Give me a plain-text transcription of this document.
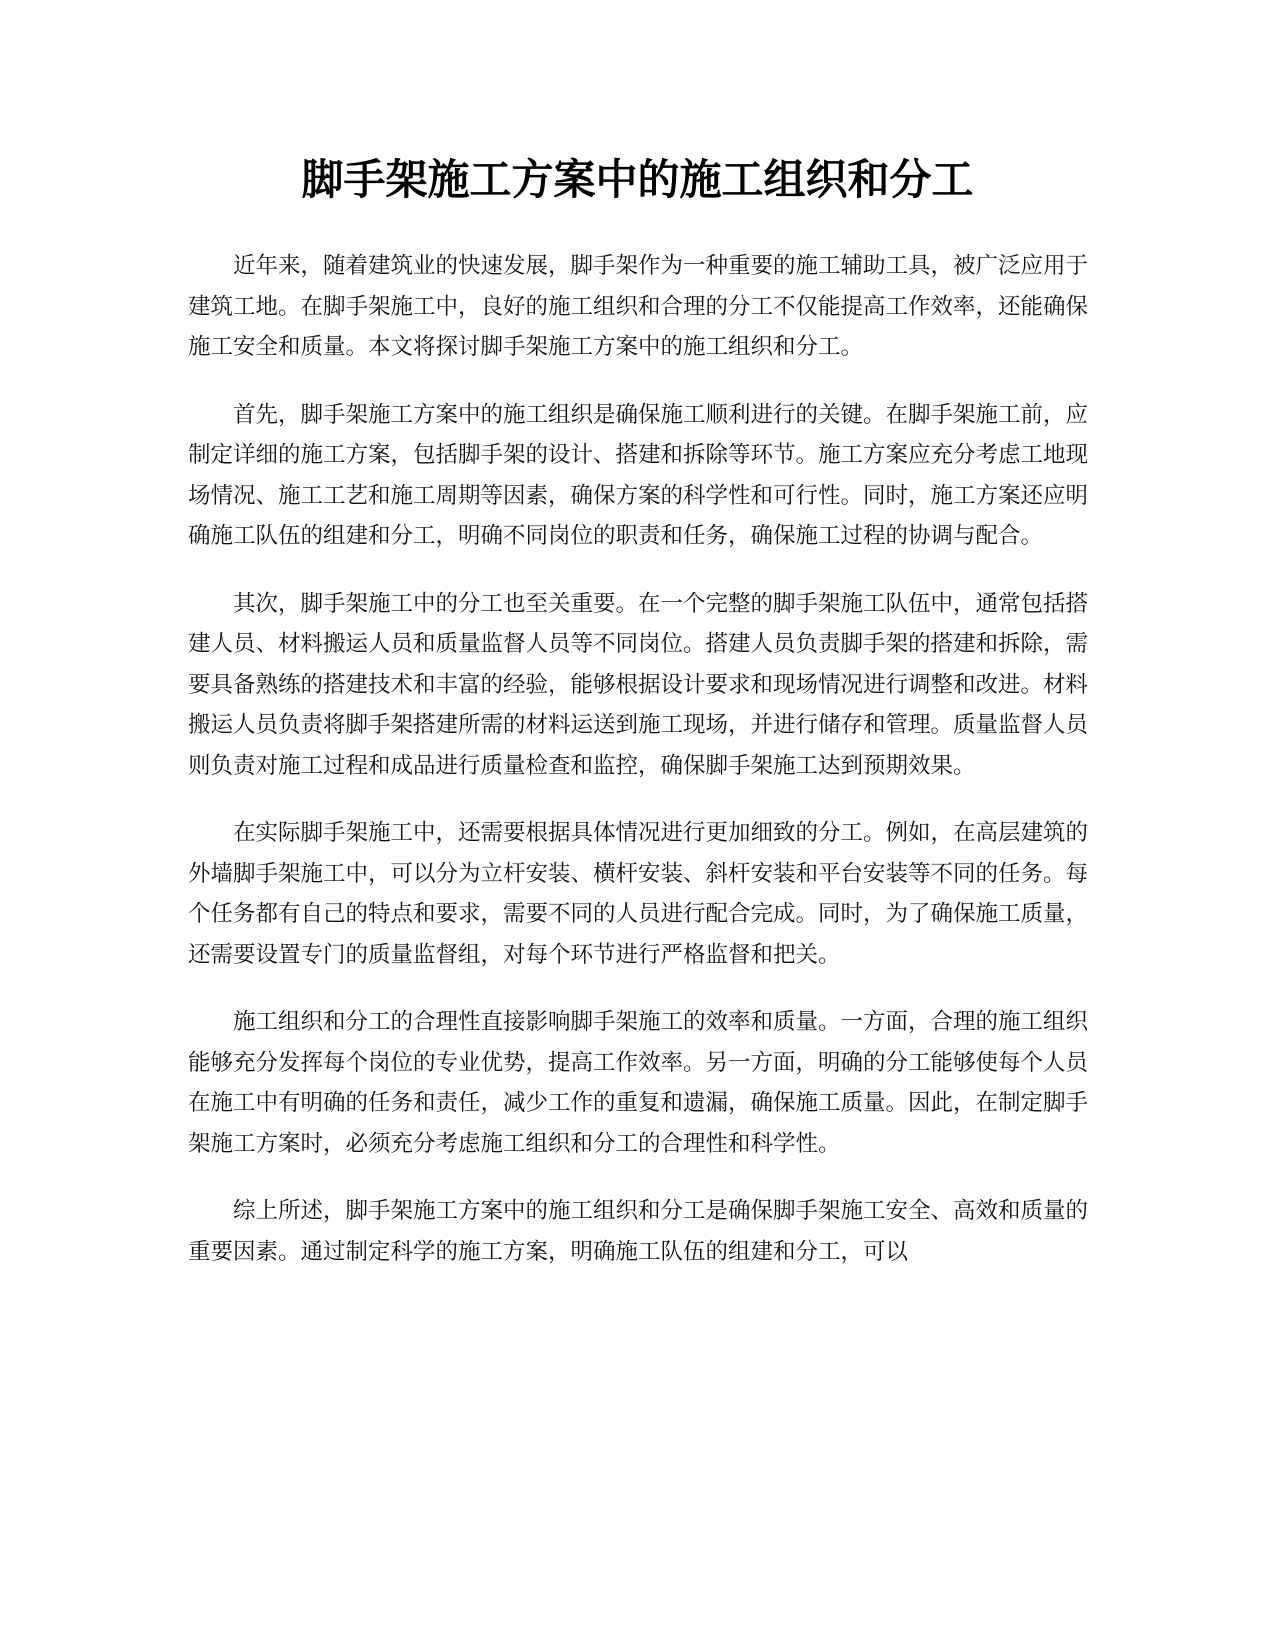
脚手架施工方案中的施工组织和分工

近年来，随着建筑业的快速发展，脚手架作为一种重要的施工辅助工具，被广泛应用于建筑工地。在脚手架施工中，良好的施工组织和合理的分工不仅能提高工作效率，还能确保施工安全和质量。本文将探讨脚手架施工方案中的施工组织和分工。

首先，脚手架施工方案中的施工组织是确保施工顺利进行的关键。在脚手架施工前，应制定详细的施工方案，包括脚手架的设计、搭建和拆除等环节。施工方案应充分考虑工地现场情况、施工工艺和施工周期等因素，确保方案的科学性和可行性。同时，施工方案还应明确施工队伍的组建和分工，明确不同岗位的职责和任务，确保施工过程的协调与配合。

其次，脚手架施工中的分工也至关重要。在一个完整的脚手架施工队伍中，通常包括搭建人员、材料搬运人员和质量监督人员等不同岗位。搭建人员负责脚手架的搭建和拆除，需要具备熟练的搭建技术和丰富的经验，能够根据设计要求和现场情况进行调整和改进。材料搬运人员负责将脚手架搭建所需的材料运送到施工现场，并进行储存和管理。质量监督人员则负责对施工过程和成品进行质量检查和监控，确保脚手架施工达到预期效果。

在实际脚手架施工中，还需要根据具体情况进行更加细致的分工。例如，在高层建筑的外墙脚手架施工中，可以分为立杆安装、横杆安装、斜杆安装和平台安装等不同的任务。每个任务都有自己的特点和要求，需要不同的人员进行配合完成。同时，为了确保施工质量，还需要设置专门的质量监督组，对每个环节进行严格监督和把关。

施工组织和分工的合理性直接影响脚手架施工的效率和质量。一方面，合理的施工组织能够充分发挥每个岗位的专业优势，提高工作效率。另一方面，明确的分工能够使每个人员在施工中有明确的任务和责任，减少工作的重复和遗漏，确保施工质量。因此，在制定脚手架施工方案时，必须充分考虑施工组织和分工的合理性和科学性。

综上所述，脚手架施工方案中的施工组织和分工是确保脚手架施工安全、高效和质量的重要因素。通过制定科学的施工方案，明确施工队伍的组建和分工，可以
